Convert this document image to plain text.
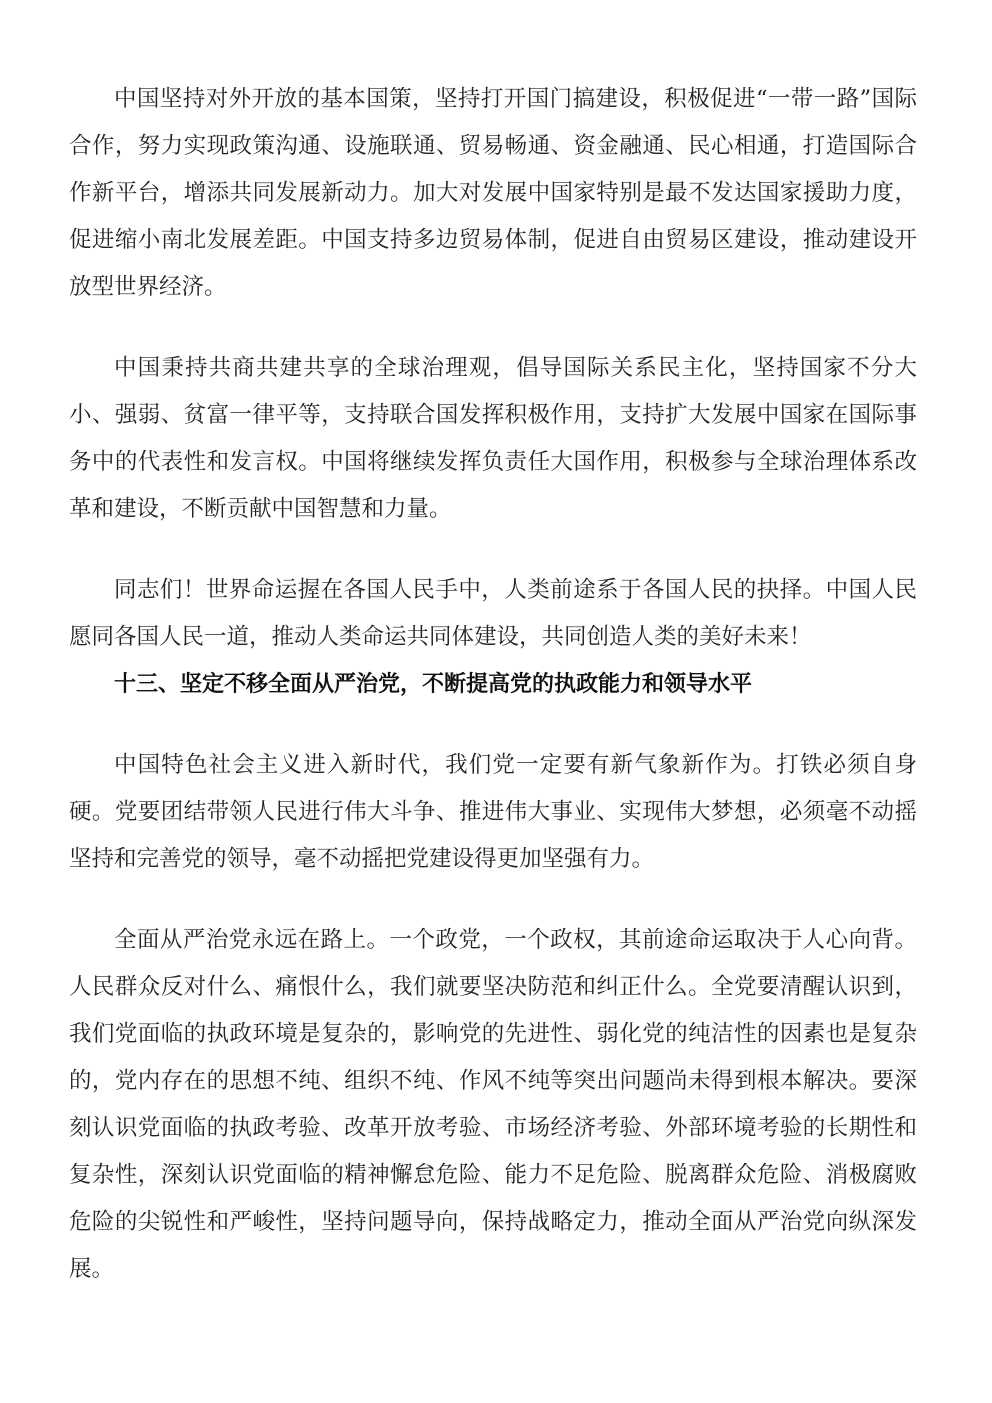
中国坚持对外开放的基本国策，坚持打开国门搞建设，积极促进“一带一路”国际合作，努力实现政策沟通、设施联通、贸易畅通、资金融通、民心相通，打造国际合作新平台，增添共同发展新动力。加大对发展中国家特别是最不发达国家援助力度，促进缩小南北发展差距。中国支持多边贸易体制，促进自由贸易区建设，推动建设开放型世界经济。

中国秉持共商共建共享的全球治理观，倡导国际关系民主化，坚持国家不分大小、强弱、贫富一律平等，支持联合国发挥积极作用，支持扩大发展中国家在国际事务中的代表性和发言权。中国将继续发挥负责任大国作用，积极参与全球治理体系改革和建设，不断贡献中国智慧和力量。

同志们！世界命运握在各国人民手中，人类前途系于各国人民的抉择。中国人民愿同各国人民一道，推动人类命运共同体建设，共同创造人类的美好未来！

十三、坚定不移全面从严治党，不断提高党的执政能力和领导水平

中国特色社会主义进入新时代，我们党一定要有新气象新作为。打铁必须自身硬。党要团结带领人民进行伟大斗争、推进伟大事业、实现伟大梦想，必须毫不动摇坚持和完善党的领导，毫不动摇把党建设得更加坚强有力。

全面从严治党永远在路上。一个政党，一个政权，其前途命运取决于人心向背。人民群众反对什么、痛恨什么，我们就要坚决防范和纠正什么。全党要清醒认识到，我们党面临的执政环境是复杂的，影响党的先进性、弱化党的纯洁性的因素也是复杂的，党内存在的思想不纯、组织不纯、作风不纯等突出问题尚未得到根本解决。要深刻认识党面临的执政考验、改革开放考验、市场经济考验、外部环境考验的长期性和复杂性，深刻认识党面临的精神懈怠危险、能力不足危险、脱离群众危险、消极腐败危险的尖锐性和严峻性，坚持问题导向，保持战略定力，推动全面从严治党向纵深发展。
